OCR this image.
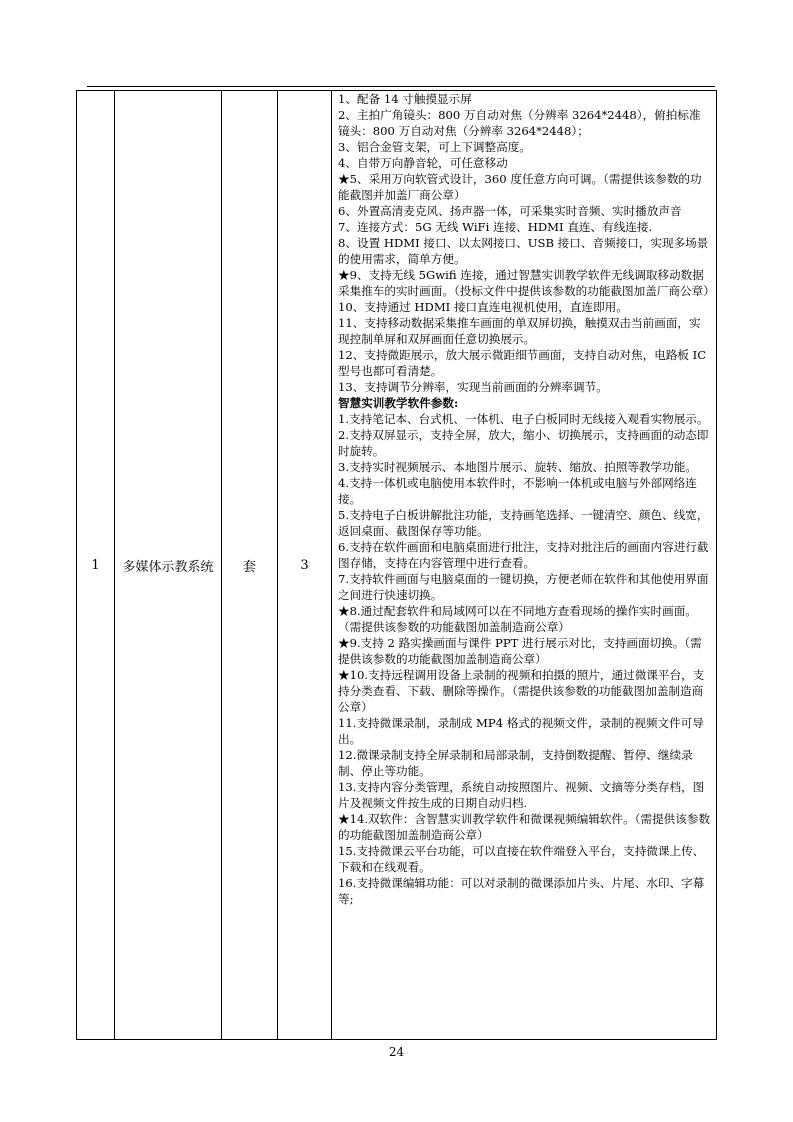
1	多媒体示教系统	套	3	
1、配备 14 寸触摸显示屏
2、主拍广角镜头：800 万自动对焦（分辨率 3264*2448），俯拍标准镜头：800 万自动对焦（分辨率 3264*2448）；
3、铝合金管支架，可上下调整高度。
4、自带万向静音轮，可任意移动
★5、采用万向软管式设计，360 度任意方向可调。（需提供该参数的功能截图并加盖厂商公章）
6、外置高清麦克风、扬声器一体，可采集实时音频、实时播放声音
7、连接方式：5G 无线 WiFi 连接、HDMI 直连、有线连接.
8、设置 HDMI 接口、以太网接口、USB 接口、音频接口，实现多场景的使用需求，简单方便。
★9、支持无线 5Gwifi 连接，通过智慧实训教学软件无线调取移动数据采集推车的实时画面。（投标文件中提供该参数的功能截图加盖厂商公章）
10、支持通过 HDMI 接口直连电视机使用，直连即用。
11、支持移动数据采集推车画面的单双屏切换，触摸双击当前画面，实现控制单屏和双屏画面任意切换展示。
12、支持微距展示，放大展示微距细节画面，支持自动对焦，电路板 IC 型号也都可看清楚。
13、支持调节分辨率，实现当前画面的分辨率调节。
智慧实训教学软件参数:
1.支持笔记本、台式机、一体机、电子白板同时无线接入观看实物展示。
2.支持双屏显示，支持全屏，放大，缩小、切换展示，支持画面的动态即时旋转。
3.支持实时视频展示、本地图片展示、旋转、缩放、拍照等教学功能。
4.支持一体机或电脑使用本软件时，不影响一体机或电脑与外部网络连接。
5.支持电子白板讲解批注功能，支持画笔选择、一键清空、颜色、线宽，返回桌面、截图保存等功能。
6.支持在软件画面和电脑桌面进行批注，支持对批注后的画面内容进行截图存储，支持在内容管理中进行查看。
7.支持软件画面与电脑桌面的一键切换，方便老师在软件和其他使用界面之间进行快速切换。
★8.通过配套软件和局域网可以在不同地方查看现场的操作实时画面。（需提供该参数的功能截图加盖制造商公章）
★9.支持 2 路实操画面与课件 PPT 进行展示对比，支持画面切换。（需提供该参数的功能截图加盖制造商公章）
★10.支持远程调用设备上录制的视频和拍摄的照片，通过微课平台，支持分类查看、下载、删除等操作。（需提供该参数的功能截图加盖制造商公章）
11.支持微课录制，录制成 MP4 格式的视频文件，录制的视频文件可导出。
12.微课录制支持全屏录制和局部录制，支持倒数提醒、暂停、继续录制、停止等功能。
13.支持内容分类管理，系统自动按照图片、视频、文摘等分类存档，图片及视频文件按生成的日期自动归档.
★14.双软件：含智慧实训教学软件和微课视频编辑软件。（需提供该参数的功能截图加盖制造商公章）
15.支持微课云平台功能，可以直接在软件端登入平台，支持微课上传、下载和在线观看。
16.支持微课编辑功能：可以对录制的微课添加片头、片尾、水印、字幕等;
24
